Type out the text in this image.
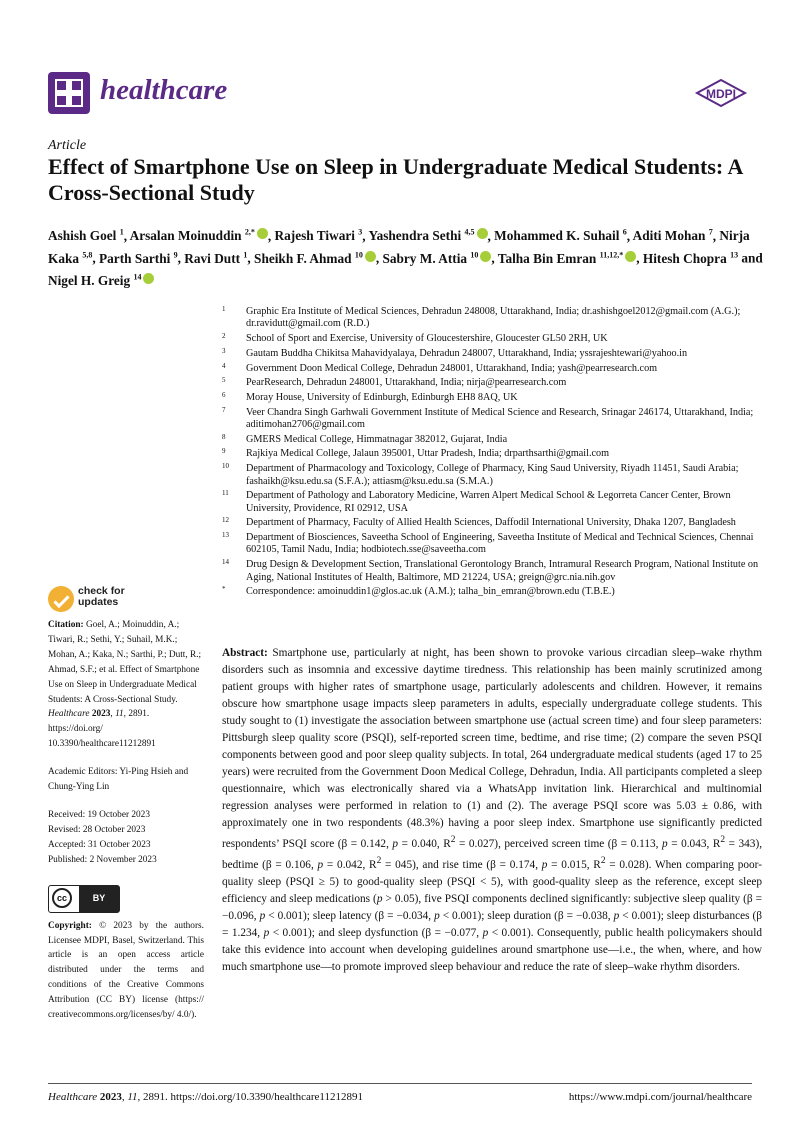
healthcare	MDPI
Article
Effect of Smartphone Use on Sleep in Undergraduate Medical Students: A Cross-Sectional Study
Ashish Goel $^1$, Arsalan Moinuddin $^{2,*}$ , Rajesh Tiwari $^3$, Yashendra Sethi $^{4,5}$ , Mohammed K. Suhail $^6$, Aditi Mohan $^7$, Nirja Kaka $^{5,8}$, Parth Sarthi $^9$, Ravi Dutt $^1$, Sheikh F. Ahmad $^{10}$ , Sabry M. Attia $^{10}$ , Talha Bin Emran $^{11,12,*}$ , Hitesh Chopra $^{13}$ and Nigel H. Greig $^{14}$
1 Graphic Era Institute of Medical Sciences, Dehradun 248008, Uttarakhand, India; dr.ashishgoel2012@gmail.com (A.G.); dr.ravidutt@gmail.com (R.D.)
2 School of Sport and Exercise, University of Gloucestershire, Gloucester GL50 2RH, UK
3 Gautam Buddha Chikitsa Mahavidyalaya, Dehradun 248007, Uttarakhand, India; yssrajeshtewari@yahoo.in
4 Government Doon Medical College, Dehradun 248001, Uttarakhand, India; yash@pearresearch.com
5 PearResearch, Dehradun 248001, Uttarakhand, India; nirja@pearresearch.com
6 Moray House, University of Edinburgh, Edinburgh EH8 8AQ, UK
7 Veer Chandra Singh Garhwali Government Institute of Medical Science and Research, Srinagar 246174, Uttarakhand, India; aditimohan2706@gmail.com
8 GMERS Medical College, Himmatnagar 382012, Gujarat, India
9 Rajkiya Medical College, Jalaun 395001, Uttar Pradesh, India; drparthsarthi@gmail.com
10 Department of Pharmacology and Toxicology, College of Pharmacy, King Saud University, Riyadh 11451, Saudi Arabia; fashaikh@ksu.edu.sa (S.F.A.); attiasm@ksu.edu.sa (S.M.A.)
11 Department of Pathology and Laboratory Medicine, Warren Alpert Medical School & Legorreta Cancer Center, Brown University, Providence, RI 02912, USA
12 Department of Pharmacy, Faculty of Allied Health Sciences, Daffodil International University, Dhaka 1207, Bangladesh
13 Department of Biosciences, Saveetha School of Engineering, Saveetha Institute of Medical and Technical Sciences, Chennai 602105, Tamil Nadu, India; hodbiotech.sse@saveetha.com
14 Drug Design & Development Section, Translational Gerontology Branch, Intramural Research Program, National Institute on Aging, National Institutes of Health, Baltimore, MD 21224, USA; greign@grc.nia.nih.gov
* Correspondence: amoinuddin1@glos.ac.uk (A.M.); talha_bin_emran@brown.edu (T.B.E.)
check for updates

Citation: Goel, A.; Moinuddin, A.; Tiwari, R.; Sethi, Y.; Suhail, M.K.; Mohan, A.; Kaka, N.; Sarthi, P.; Dutt, R.; Ahmad, S.F.; et al. Effect of Smartphone Use on Sleep in Undergraduate Medical Students: A Cross-Sectional Study. Healthcare 2023, 11, 2891. https://doi.org/ 10.3390/healthcare11212891

Academic Editors: Yi-Ping Hsieh and Chung-Ying Lin

Received: 19 October 2023

Revised: 28 October 2023

Accepted: 31 October 2023

Published: 2 November 2023

cc	BY

Copyright: © 2023 by the authors. Licensee MDPI, Basel, Switzerland. This article is an open access article distributed under the terms and conditions of the Creative Commons Attribution (CC BY) license (https:// creativecommons.org/licenses/by/ 4.0/).

Abstract: Smartphone use, particularly at night, has been shown to provoke various circadian sleep–wake rhythm disorders such as insomnia and excessive daytime tiredness. This relationship has been mainly scrutinized among patient groups with higher rates of smartphone usage, particularly adolescents and children. However, it remains obscure how smartphone usage impacts sleep parameters in adults, especially undergraduate college students. This study sought to (1) investigate the association between smartphone use (actual screen time) and four sleep parameters: Pittsburgh sleep quality score (PSQI), self-reported screen time, bedtime, and rise time; (2) compare the seven PSQI components between good and poor sleep quality subjects. In total, 264 undergraduate medical students (aged 17 to 25 years) were recruited from the Government Doon Medical College, Dehradun, India. All participants completed a sleep questionnaire, which was electronically shared via a WhatsApp invitation link. Hierarchical and multinomial regression analyses were performed in relation to (1) and (2). The average PSQI score was 5.03 ± 0.86, with approximately one in two respondents (48.3%) having a poor sleep index. Smartphone use significantly predicted respondents’ PSQI score (β = 0.142, p = 0.040, $R^2 = 0.027$), perceived screen time (β = 0.113, p = 0.043, $R^2 = 343$), bedtime (β = 0.106, p = 0.042, $R^2 = 045$), and rise time (β = 0.174, p = 0.015, $R^2 = 0.028$). When comparing poor-quality sleep (PSQI ≥ 5) to good-quality sleep (PSQI < 5), with good-quality sleep as the reference, except sleep efficiency and sleep medications (p > 0.05), five PSQI components declined significantly: subjective sleep quality (β = −0.096, p < 0.001); sleep latency (β = −0.034, p < 0.001); sleep duration (β = −0.038, p < 0.001); sleep disturbances (β = 1.234, p < 0.001); and sleep dysfunction (β = −0.077, p < 0.001). Consequently, public health policymakers should take this evidence into account when developing guidelines around smartphone use—i.e., the when, where, and how much smartphone use—to promote improved sleep behaviour and reduce the rate of sleep–wake rhythm disorders.
Healthcare 2023, 11, 2891. https://doi.org/10.3390/healthcare11212891	https://www.mdpi.com/journal/healthcare
